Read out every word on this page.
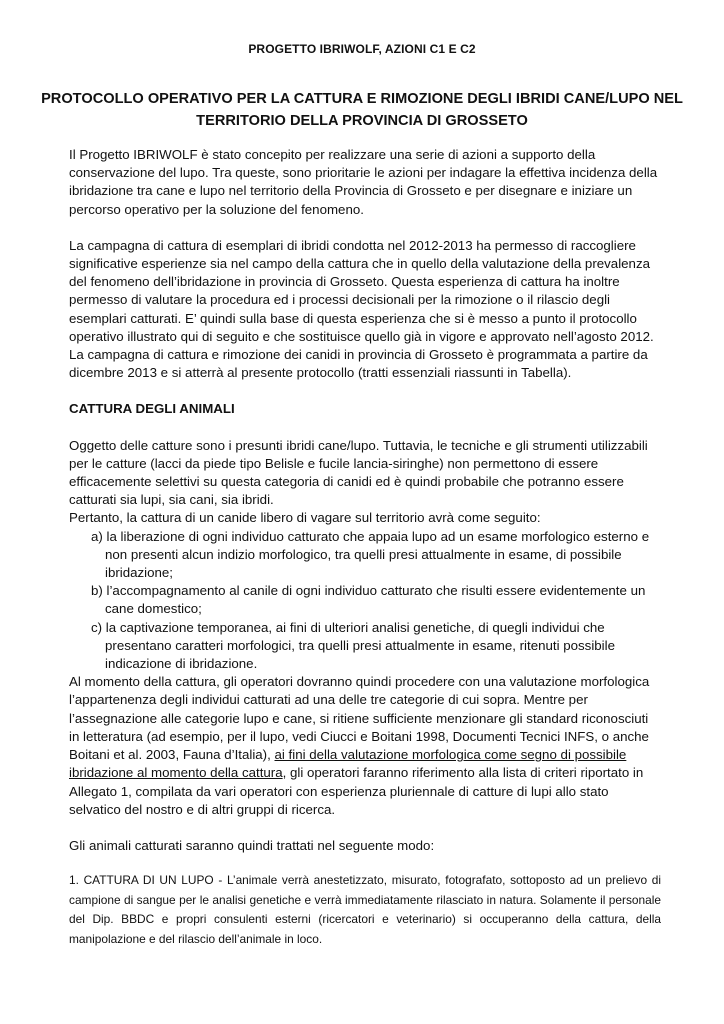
PROGETTO IBRIWOLF, AZIONI C1 E C2
PROTOCOLLO OPERATIVO PER LA CATTURA E RIMOZIONE DEGLI IBRIDI CANE/LUPO NEL TERRITORIO DELLA PROVINCIA DI GROSSETO

Il Progetto IBRIWOLF è stato concepito per realizzare una serie di azioni a supporto della conservazione del lupo. Tra queste, sono prioritarie le azioni per indagare la effettiva incidenza della ibridazione tra cane e lupo nel territorio della Provincia di Grosseto e per disegnare e iniziare un percorso operativo per la soluzione del fenomeno.

La campagna di cattura di esemplari di ibridi condotta nel 2012-2013 ha permesso di raccogliere significative esperienze sia nel campo della cattura che in quello della valutazione della prevalenza del fenomeno dell’ibridazione in provincia di Grosseto. Questa esperienza di cattura ha inoltre permesso di valutare la procedura ed i processi decisionali per la rimozione o il rilascio degli esemplari catturati. E’ quindi sulla base di questa esperienza che si è messo a punto il protocollo operativo illustrato qui di seguito e che sostituisce quello già in vigore e approvato nell’agosto 2012. La campagna di cattura e rimozione dei canidi in provincia di Grosseto è programmata a partire da dicembre 2013 e si atterrà al presente protocollo (tratti essenziali riassunti in Tabella).

CATTURA DEGLI ANIMALI

Oggetto delle catture sono i presunti ibridi cane/lupo. Tuttavia, le tecniche e gli strumenti utilizzabili per le catture (lacci da piede tipo Belisle e fucile lancia-siringhe) non permettono di essere efficacemente selettivi su questa categoria di canidi ed è quindi probabile che potranno essere catturati sia lupi, sia cani, sia ibridi.

Pertanto, la cattura di un canide libero di vagare sul territorio avrà come seguito:

a) la liberazione di ogni individuo catturato che appaia lupo ad un esame morfologico esterno e non presenti alcun indizio morfologico, tra quelli presi attualmente in esame, di possibile ibridazione;

b) l’accompagnamento al canile di ogni individuo catturato che risulti essere evidentemente un cane domestico;

c) la captivazione temporanea, ai fini di ulteriori analisi genetiche, di quegli individui che presentano caratteri morfologici, tra quelli presi attualmente in esame, ritenuti possibile indicazione di ibridazione.

Al momento della cattura, gli operatori dovranno quindi procedere con una valutazione morfologica l’appartenenza degli individui catturati ad una delle tre categorie di cui sopra. Mentre per l’assegnazione alle categorie lupo e cane, si ritiene sufficiente menzionare gli standard riconosciuti in letteratura (ad esempio, per il lupo, vedi Ciucci e Boitani 1998, Documenti Tecnici INFS, o anche Boitani et al. 2003, Fauna d’Italia), ai fini della valutazione morfologica come segno di possibile ibridazione al momento della cattura, gli operatori faranno riferimento alla lista di criteri riportato in Allegato 1, compilata da vari operatori con esperienza pluriennale di catture di lupi allo stato selvatico del nostro e di altri gruppi di ricerca.

Gli animali catturati saranno quindi trattati nel seguente modo:

1. CATTURA DI UN LUPO - L’animale verrà anestetizzato, misurato, fotografato, sottoposto ad un prelievo di campione di sangue per le analisi genetiche e verrà immediatamente rilasciato in natura. Solamente il personale del Dip. BBDC e propri consulenti esterni (ricercatori e veterinario) si occuperanno della cattura, della manipolazione e del rilascio dell’animale in loco.
